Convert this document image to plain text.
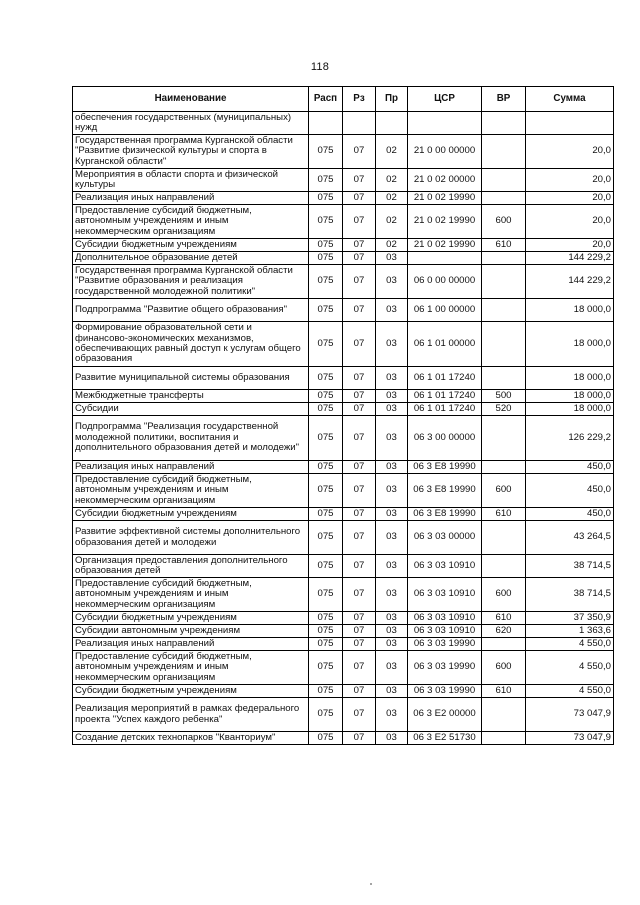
118
Наименование	Расп	Рз	Пр	ЦСР	ВР	Сумма
обеспечения государственных (муниципальных) нужд						
Государственная программа Курганской области "Развитие физической культуры и спорта в Курганской области"	075	07	02	21 0 00 00000		20,0
Мероприятия в области спорта и физической культуры	075	07	02	21 0 02 00000		20,0
Реализация иных направлений	075	07	02	21 0 02 19990		20,0
Предоставление субсидий бюджетным, автономным учреждениям и иным некоммерческим организациям	075	07	02	21 0 02 19990	600	20,0
Субсидии бюджетным учреждениям	075	07	02	21 0 02 19990	610	20,0
Дополнительное образование детей	075	07	03			144 229,2
Государственная программа Курганской области "Развитие образования и реализация государственной молодежной политики"	075	07	03	06 0 00 00000		144 229,2
Подпрограмма "Развитие общего образования"	075	07	03	06 1 00 00000		18 000,0
Формирование образовательной сети и финансово-экономических механизмов, обеспечивающих равный доступ к услугам общего образования	075	07	03	06 1 01 00000		18 000,0
Развитие муниципальной системы образования	075	07	03	06 1 01 17240		18 000,0
Межбюджетные трансферты	075	07	03	06 1 01 17240	500	18 000,0
Субсидии	075	07	03	06 1 01 17240	520	18 000,0
Подпрограмма "Реализация государственной молодежной политики, воспитания и дополнительного образования детей и молодежи"	075	07	03	06 3 00 00000		126 229,2
Реализация иных направлений	075	07	03	06 3 Е8 19990		450,0
Предоставление субсидий бюджетным, автономным учреждениям и иным некоммерческим организациям	075	07	03	06 3 Е8 19990	600	450,0
Субсидии бюджетным учреждениям	075	07	03	06 3 Е8 19990	610	450,0
Развитие эффективной системы дополнительного образования детей и молодежи	075	07	03	06 3 03 00000		43 264,5
Организация предоставления дополнительного образования детей	075	07	03	06 3 03 10910		38 714,5
Предоставление субсидий бюджетным, автономным учреждениям и иным некоммерческим организациям	075	07	03	06 3 03 10910	600	38 714,5
Субсидии бюджетным учреждениям	075	07	03	06 3 03 10910	610	37 350,9
Субсидии автономным учреждениям	075	07	03	06 3 03 10910	620	1 363,6
Реализация иных направлений	075	07	03	06 3 03 19990		4 550,0
Предоставление субсидий бюджетным, автономным учреждениям и иным некоммерческим организациям	075	07	03	06 3 03 19990	600	4 550,0
Субсидии бюджетным учреждениям	075	07	03	06 3 03 19990	610	4 550,0
Реализация мероприятий в рамках федерального проекта "Успех каждого ребенка"	075	07	03	06 3 Е2 00000		73 047,9
Создание детских технопарков "Кванториум"	075	07	03	06 3 Е2 51730		73 047,9
